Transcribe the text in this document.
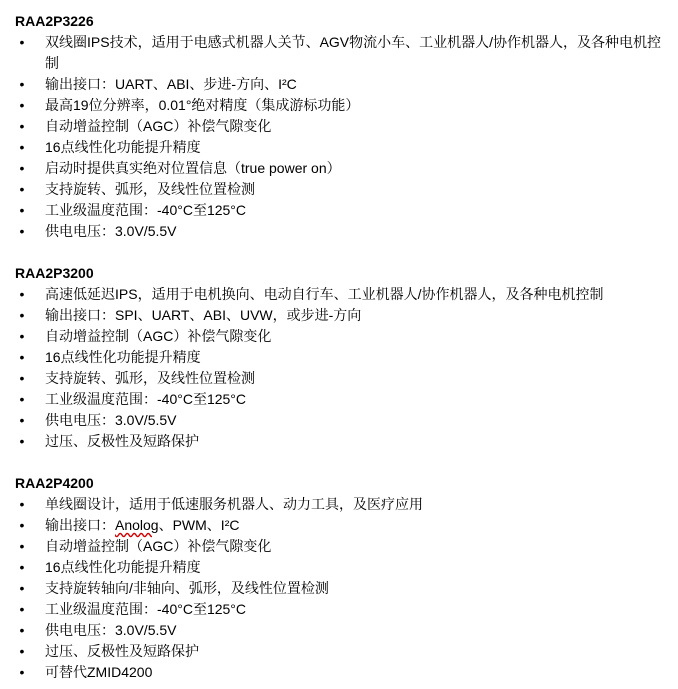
RAA2P3226
• 双线圈IPS技术，适用于电感式机器人关节、AGV物流小车、工业机器人/协作机器人，及各种电机控制
• 输出接口：UART、ABI、步进-方向、I²C
• 最高19位分辨率，0.01°绝对精度（集成游标功能）
• 自动增益控制（AGC）补偿气隙变化
• 16点线性化功能提升精度
• 启动时提供真实绝对位置信息（true power on）
• 支持旋转、弧形，及线性位置检测
• 工业级温度范围：-40°C至125°C
• 供电电压：3.0V/5.5V
RAA2P3200
• 高速低延迟IPS，适用于电机换向、电动自行车、工业机器人/协作机器人，及各种电机控制
• 输出接口：SPI、UART、ABI、UVW，或步进-方向
• 自动增益控制（AGC）补偿气隙变化
• 16点线性化功能提升精度
• 支持旋转、弧形，及线性位置检测
• 工业级温度范围：-40°C至125°C
• 供电电压：3.0V/5.5V
• 过压、反极性及短路保护
RAA2P4200
• 单线圈设计，适用于低速服务机器人、动力工具，及医疗应用
• 输出接口：Anolog、PWM、I²C
• 自动增益控制（AGC）补偿气隙变化
• 16点线性化功能提升精度
• 支持旋转轴向/非轴向、弧形，及线性位置检测
• 工业级温度范围：-40°C至125°C
• 供电电压：3.0V/5.5V
• 过压、反极性及短路保护
• 可替代ZMID4200
